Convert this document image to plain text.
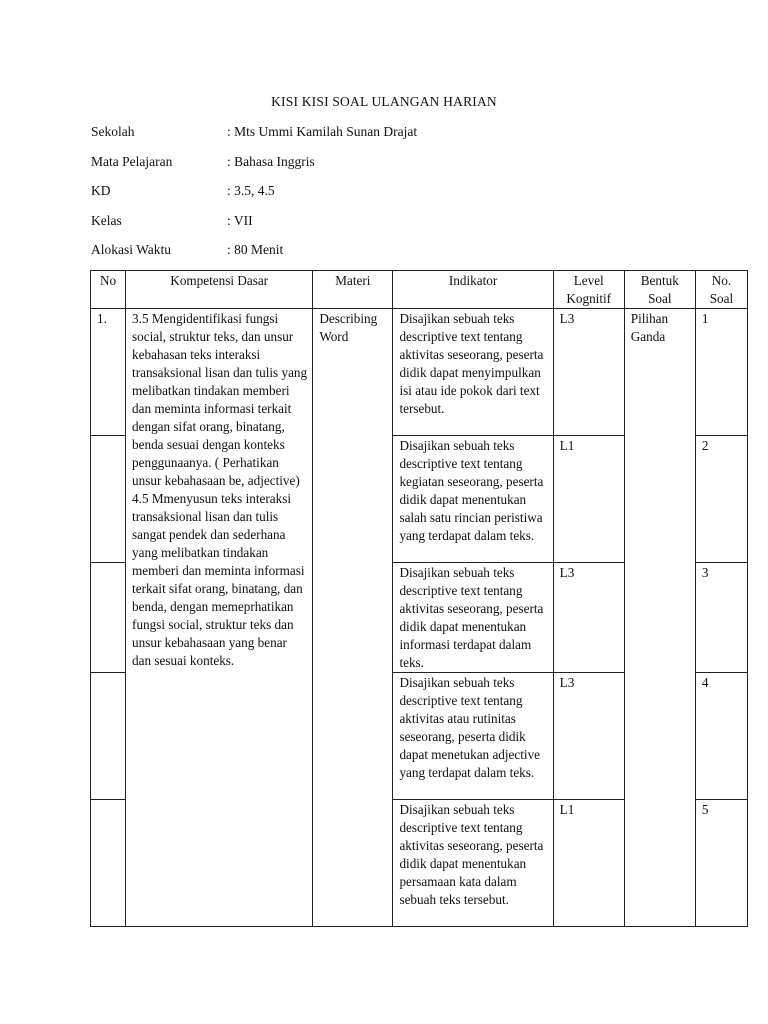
KISI KISI SOAL ULANGAN HARIAN
Sekolah	: Mts Ummi Kamilah Sunan Drajat
Mata Pelajaran	: Bahasa Inggris
KD	: 3.5, 4.5
Kelas	: VII
Alokasi Waktu	: 80 Menit
No	Kompetensi Dasar	Materi	Indikator	Level Kognitif	Bentuk Soal	No. Soal
1.	3.5 Mengidentifikasi fungsi social, struktur teks, dan unsur kebahasan teks interaksi transaksional lisan dan tulis yang melibatkan tindakan memberi dan meminta informasi terkait dengan sifat orang, binatang, benda sesuai dengan konteks penggunaanya. ( Perhatikan unsur kebahasaan be, adjective)
4.5 Mmenyusun teks interaksi transaksional lisan dan tulis sangat pendek dan sederhana yang melibatkan tindakan memberi dan meminta informasi terkait sifat orang, binatang, dan benda, dengan memeprhatikan fungsi social, struktur teks dan unsur kebahasaan yang benar dan sesuai konteks.	Describing Word	Disajikan sebuah teks descriptive text tentang aktivitas seseorang, peserta didik dapat menyimpulkan isi atau ide pokok dari text tersebut.	L3	Pilihan Ganda	1
			Disajikan sebuah teks descriptive text tentang kegiatan seseorang, peserta didik dapat menentukan salah satu rincian peristiwa yang terdapat dalam teks.	L1		2
			Disajikan sebuah teks descriptive text tentang aktivitas seseorang, peserta didik dapat menentukan informasi terdapat dalam teks.	L3		3
			Disajikan sebuah teks descriptive text tentang aktivitas atau rutinitas seseorang, peserta didik dapat menetukan adjective yang terdapat dalam teks.	L3		4
			Disajikan sebuah teks descriptive text tentang aktivitas seseorang, peserta didik dapat menentukan persamaan kata dalam sebuah teks tersebut.	L1		5
